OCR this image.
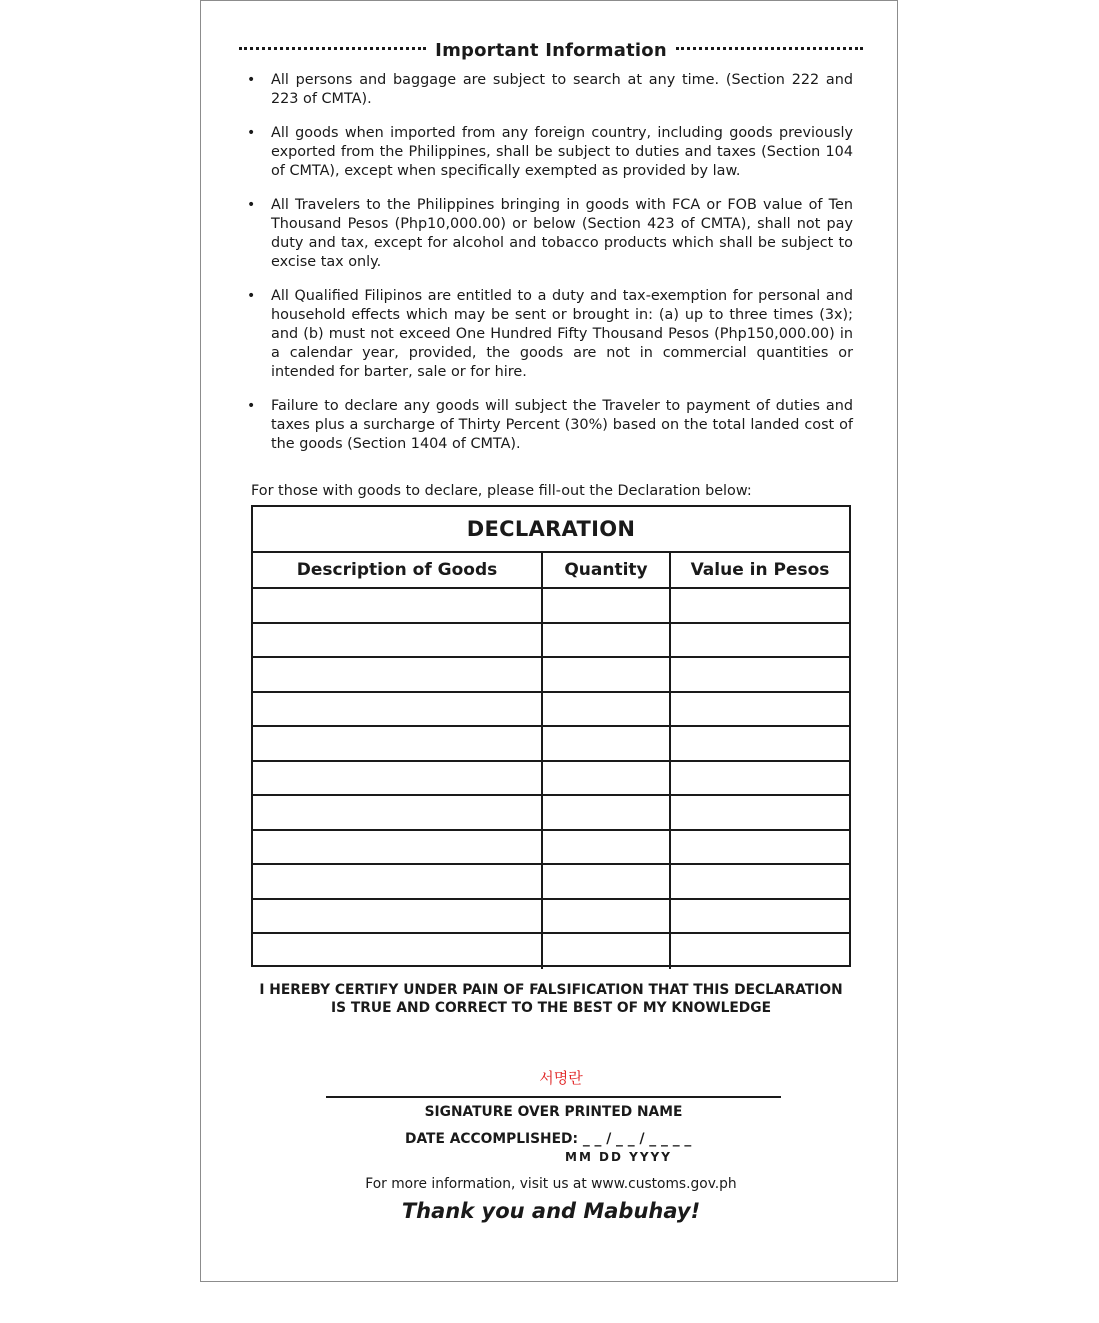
Important Information
• All persons and baggage are subject to search at any time. (Section 222 and 223 of CMTA).
• All goods when imported from any foreign country, including goods previously exported from the Philippines, shall be subject to duties and taxes (Section 104 of CMTA), except when specifically exempted as provided by law.
• All Travelers to the Philippines bringing in goods with FCA or FOB value of Ten Thousand Pesos (Php10,000.00) or below (Section 423 of CMTA), shall not pay duty and tax, except for alcohol and tobacco products which shall be subject to excise tax only.
• All Qualified Filipinos are entitled to a duty and tax-exemption for personal and household effects which may be sent or brought in: (a) up to three times (3x); and (b) must not exceed One Hundred Fifty Thousand Pesos (Php150,000.00) in a calendar year, provided, the goods are not in commercial quantities or intended for barter, sale or for hire.
• Failure to declare any goods will subject the Traveler to payment of duties and taxes plus a surcharge of Thirty Percent (30%) based on the total landed cost of the goods (Section 1404 of CMTA).
For those with goods to declare, please fill-out the Declaration below:
DECLARATION
Description of Goods	Quantity	Value in Pesos
I HEREBY CERTIFY UNDER PAIN OF FALSIFICATION THAT THIS DECLARATION
IS TRUE AND CORRECT TO THE BEST OF MY KNOWLEDGE
서명란
SIGNATURE OVER PRINTED NAME
DATE ACCOMPLISHED: _ _ / _ _ / _ _ _ _
MM DD YYYY
For more information, visit us at www.customs.gov.ph
Thank you and Mabuhay!
